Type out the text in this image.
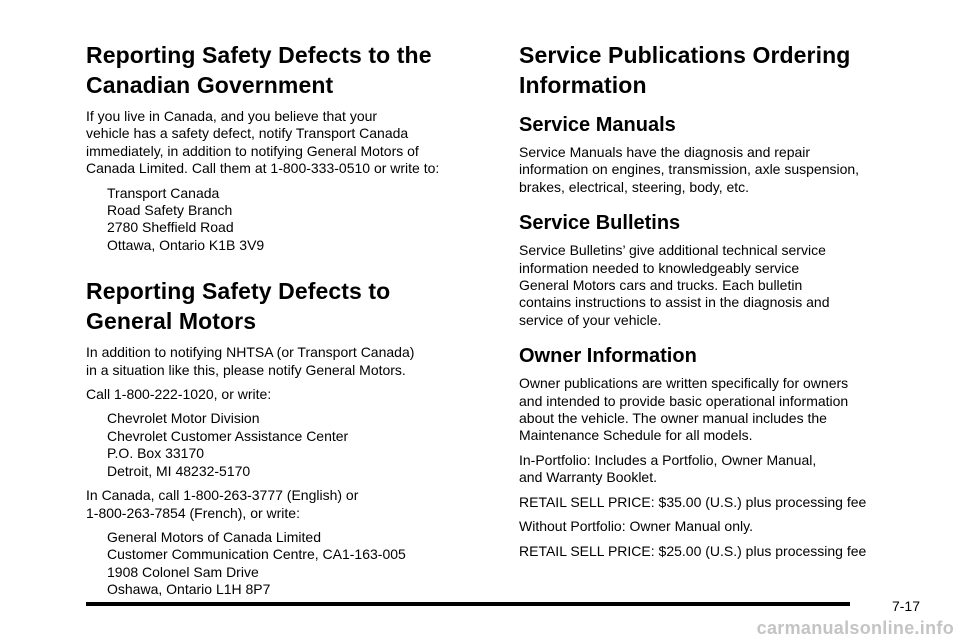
Reporting Safety Defects to the
Canadian Government

If you live in Canada, and you believe that your
vehicle has a safety defect, notify Transport Canada
immediately, in addition to notifying General Motors of
Canada Limited. Call them at 1-800-333-0510 or write to:

Transport Canada
Road Safety Branch
2780 Sheffield Road
Ottawa, Ontario K1B 3V9
Reporting Safety Defects to
General Motors

In addition to notifying NHTSA (or Transport Canada)
in a situation like this, please notify General Motors.

Call 1-800-222-1020, or write:

Chevrolet Motor Division
Chevrolet Customer Assistance Center
P.O. Box 33170
Detroit, MI 48232-5170

In Canada, call 1-800-263-3777 (English) or
1-800-263-7854 (French), or write:

General Motors of Canada Limited
Customer Communication Centre, CA1-163-005
1908 Colonel Sam Drive
Oshawa, Ontario L1H 8P7
Service Publications Ordering
Information
Service Manuals

Service Manuals have the diagnosis and repair
information on engines, transmission, axle suspension,
brakes, electrical, steering, body, etc.

Service Bulletins

Service Bulletins’ give additional technical service
information needed to knowledgeably service
General Motors cars and trucks. Each bulletin
contains instructions to assist in the diagnosis and
service of your vehicle.

Owner Information

Owner publications are written specifically for owners
and intended to provide basic operational information
about the vehicle. The owner manual includes the
Maintenance Schedule for all models.

In-Portfolio: Includes a Portfolio, Owner Manual,
and Warranty Booklet.

RETAIL SELL PRICE: $35.00 (U.S.) plus processing fee

Without Portfolio: Owner Manual only.

RETAIL SELL PRICE: $25.00 (U.S.) plus processing fee

7-17
carmanualsonline.info
